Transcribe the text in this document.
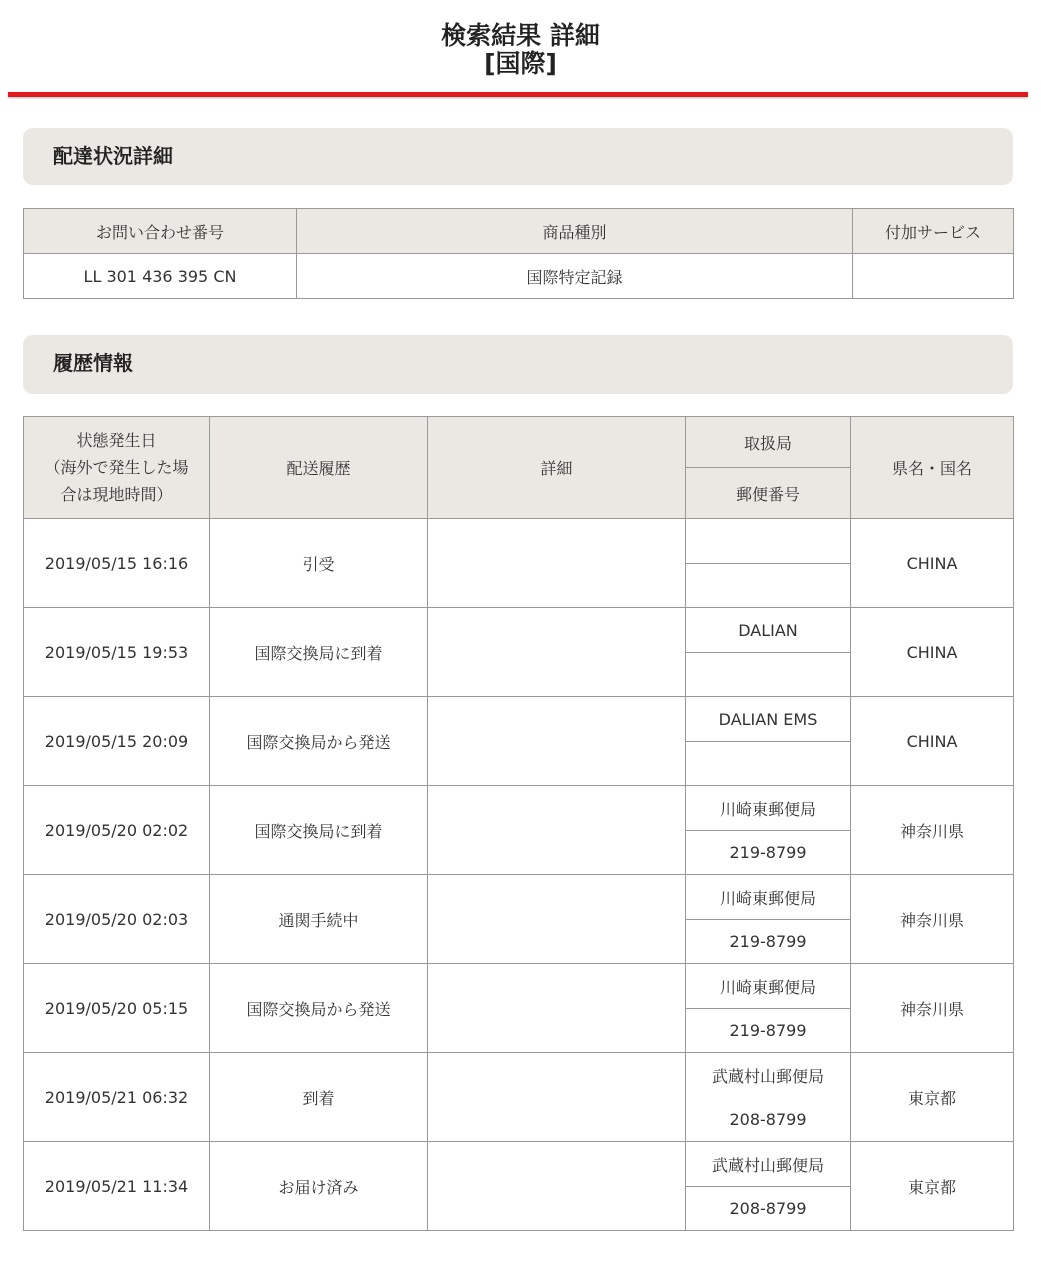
検索結果 詳細
[国際]
配達状況詳細
お問い合わせ番号	商品種別	付加サービス
LL 301 436 395 CN	国際特定記録	
履歴情報
状態発生日
（海外で発生した場
合は現地時間）	配送履歴	詳細	取扱局	県名・国名
			郵便番号	
2019/05/15 16:16	引受			CHINA

2019/05/15 19:53	国際交換局に到着		DALIAN	CHINA

2019/05/15 20:09	国際交換局から発送		DALIAN EMS	CHINA

2019/05/20 02:02	国際交換局に到着		川崎東郵便局	神奈川県
			219-8799	
2019/05/20 02:03	通関手続中		川崎東郵便局	神奈川県
			219-8799	
2019/05/20 05:15	国際交換局から発送		川崎東郵便局	神奈川県
			219-8799	
2019/05/21 06:32	到着		武蔵村山郵便局	東京都
			208-8799	
2019/05/21 11:34	お届け済み		武蔵村山郵便局	東京都
			208-8799	
